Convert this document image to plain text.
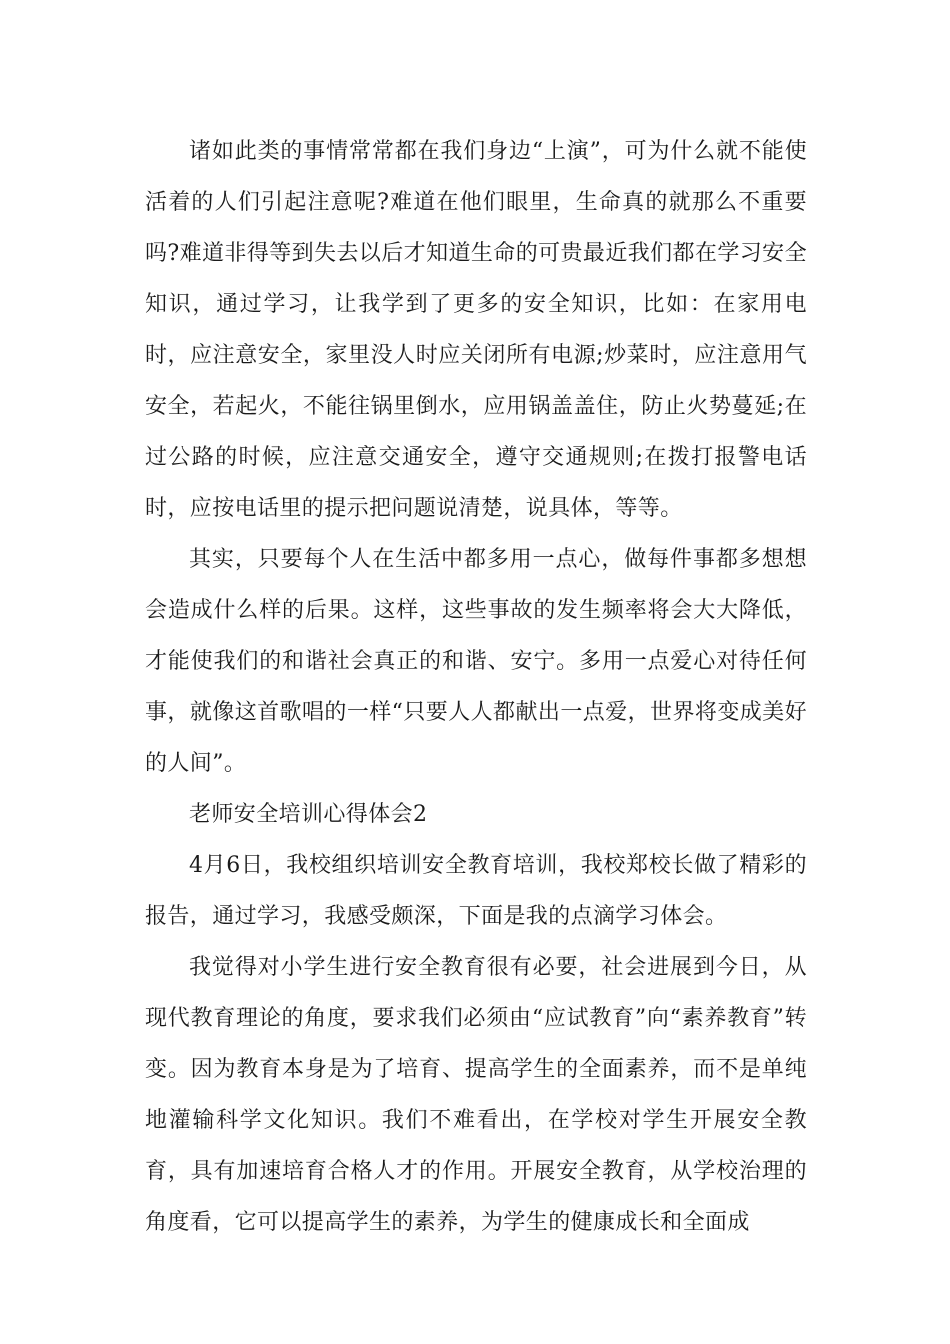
诸如此类的事情常常都在我们身边“上演”，可为什么就不能使活着的人们引起注意呢?难道在他们眼里，生命真的就那么不重要吗?难道非得等到失去以后才知道生命的可贵最近我们都在学习安全知识，通过学习，让我学到了更多的安全知识，比如：在家用电时，应注意安全，家里没人时应关闭所有电源;炒菜时，应注意用气安全，若起火，不能往锅里倒水，应用锅盖盖住，防止火势蔓延;在过公路的时候，应注意交通安全，遵守交通规则;在拨打报警电话时，应按电话里的提示把问题说清楚，说具体，等等。

其实，只要每个人在生活中都多用一点心，做每件事都多想想会造成什么样的后果。这样，这些事故的发生频率将会大大降低，才能使我们的和谐社会真正的和谐、安宁。多用一点爱心对待任何事，就像这首歌唱的一样“只要人人都献出一点爱，世界将变成美好的人间”。

老师安全培训心得体会2

4月6日，我校组织培训安全教育培训，我校郑校长做了精彩的报告，通过学习，我感受颇深，下面是我的点滴学习体会。

我觉得对小学生进行安全教育很有必要，社会进展到今日，从现代教育理论的角度，要求我们必须由“应试教育”向“素养教育”转变。因为教育本身是为了培育、提高学生的全面素养，而不是单纯地灌输科学文化知识。我们不难看出，在学校对学生开展安全教育，具有加速培育合格人才的作用。开展安全教育，从学校治理的角度看，它可以提高学生的素养，为学生的健康成长和全面成
